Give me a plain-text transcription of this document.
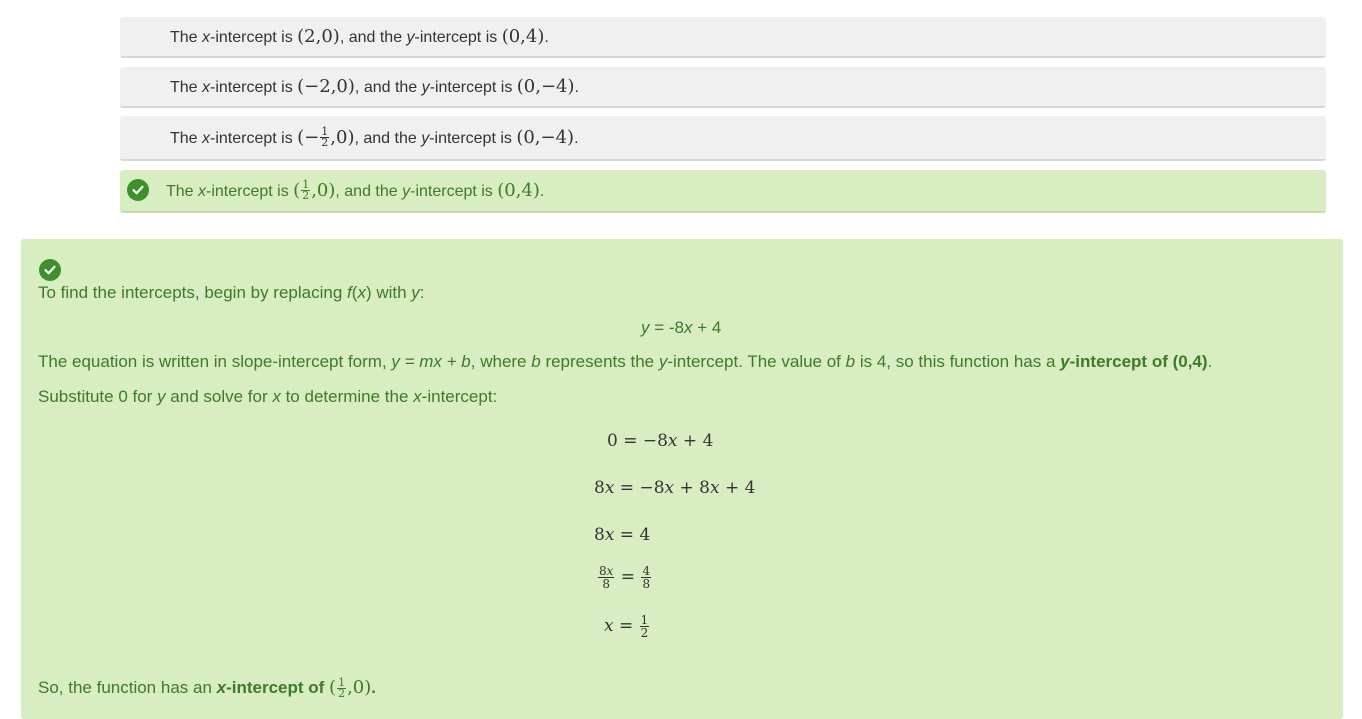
The x-intercept is (2,0), and the y-intercept is (0,4).
The x-intercept is (−2,0), and the y-intercept is (0,−4).
The x-intercept is (− $\frac{1}{2} ,0$), and the y-intercept is (0,−4).
The x-intercept is ( $\frac{1}{2} ,0$), and the y-intercept is (0,4).

To find the intercepts, begin by replacing f(x) with y:

y = -8x + 4

The equation is written in slope-intercept form, y = mx + b, where b represents the y-intercept. The value of b is 4, so this function has a y-intercept of (0,4).

Substitute 0 for y and solve for x to determine the x-intercept:

0 = −8𝑥 + 4
8𝑥 = −8𝑥 + 8𝑥 + 4
8𝑥 = 4
$\frac{\text{8𝑥}}{8} = \frac{4}{8}$
𝑥 = $\frac{1}{2}$

So, the function has an x-intercept of ( $\frac{1}{2} ,0$).
